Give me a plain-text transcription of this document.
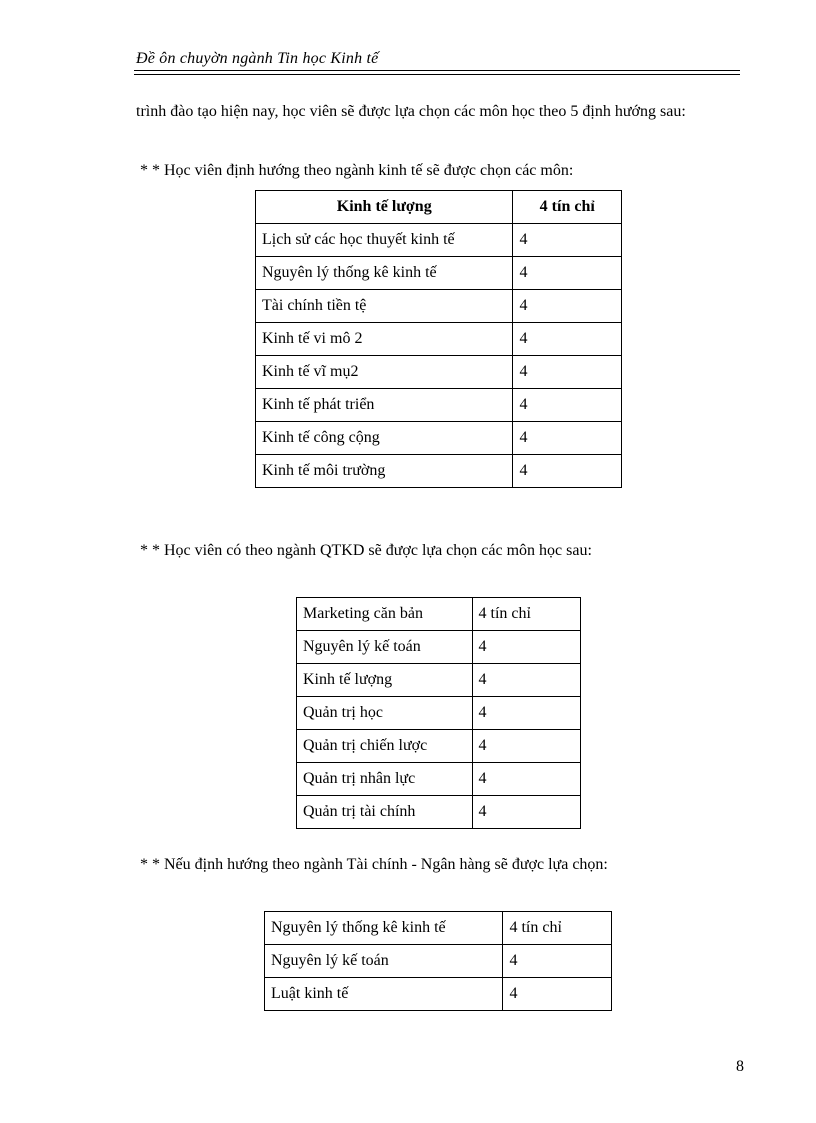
Đề ôn chuyờn ngành Tin học Kinh tế
trình đào tạo hiện nay, học viên sẽ được lựa chọn các môn học theo 5 định hướng sau:
* * Học viên định hướng theo ngành kinh tế sẽ được chọn các môn:
Kinh tế lượng	4 tín chỉ
Lịch sử các học thuyết kinh tế	4
Nguyên lý thống kê kinh tế	4
Tài chính tiền tệ	4
Kinh tế vi mô 2	4
Kinh tế vĩ mụ2	4
Kinh tế phát triển	4
Kinh tế công cộng	4
Kinh tế môi trường	4
* * Học viên có theo ngành QTKD sẽ được lựa chọn các môn học sau:
Marketing căn bản	4 tín chỉ
Nguyên lý kế toán	4
Kinh tế lượng	4
Quản trị học	4
Quản trị chiến lược	4
Quản trị nhân lực	4
Quản trị tài chính	4
* * Nếu định hướng theo ngành Tài chính - Ngân hàng sẽ được lựa chọn:
Nguyên lý thống kê kinh tế	4 tín chỉ
Nguyên lý kế toán	4
Luật kinh tế	4
8
